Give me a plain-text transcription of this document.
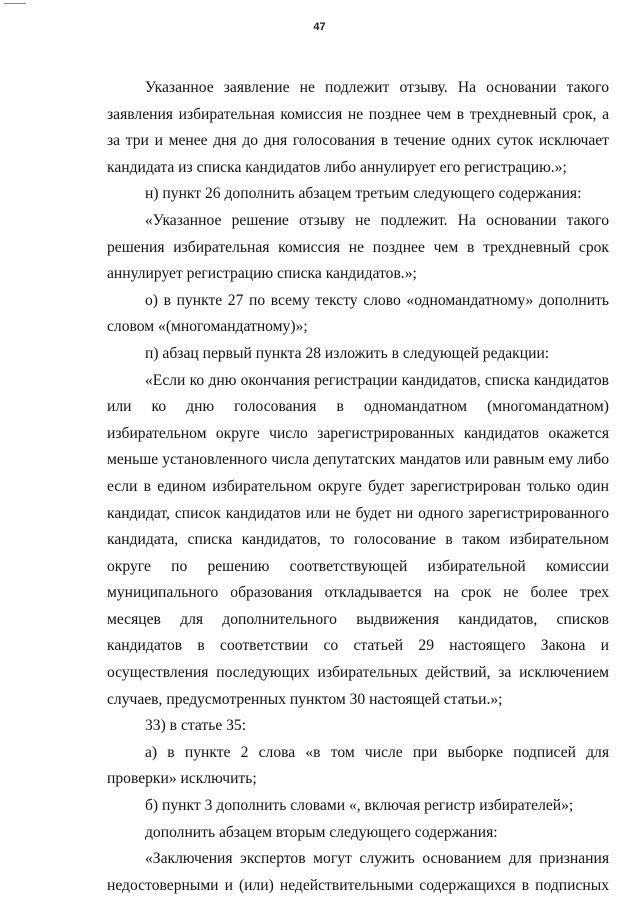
47

Указанное заявление не подлежит отзыву. На основании такого заявления избирательная комиссия не позднее чем в трехдневный срок, а за три и менее дня до дня голосования в течение одних суток исключает кандидата из списка кандидатов либо аннулирует его регистрацию.»;

н) пункт 26 дополнить абзацем третьим следующего содержания:

«Указанное решение отзыву не подлежит. На основании такого решения избирательная комиссия не позднее чем в трехдневный срок аннулирует регистрацию списка кандидатов.»;

о) в пункте 27 по всему тексту слово «одномандатному» дополнить словом «(многомандатному)»;

п) абзац первый пункта 28 изложить в следующей редакции:

«Если ко дню окончания регистрации кандидатов, списка кандидатов или ко дню голосования в одномандатном (многомандатном) избирательном округе число зарегистрированных кандидатов окажется меньше установленного числа депутатских мандатов или равным ему либо если в едином избирательном округе будет зарегистрирован только один кандидат, список кандидатов или не будет ни одного зарегистрированного кандидата, списка кандидатов, то голосование в таком избирательном округе по решению соответствующей избирательной комиссии муниципального образования откладывается на срок не более трех месяцев для дополнительного выдвижения кандидатов, списков кандидатов в соответствии со статьей 29 настоящего Закона и осуществления последующих избирательных действий, за исключением случаев, предусмотренных пунктом 30 настоящей статьи.»;

33) в статье 35:

а) в пункте 2 слова «в том числе при выборке подписей для проверки» исключить;

б) пункт 3 дополнить словами «, включая регистр избирателей»;

дополнить абзацем вторым следующего содержания:

«Заключения экспертов могут служить основанием для признания недостоверными и (или) недействительными содержащихся в подписных
